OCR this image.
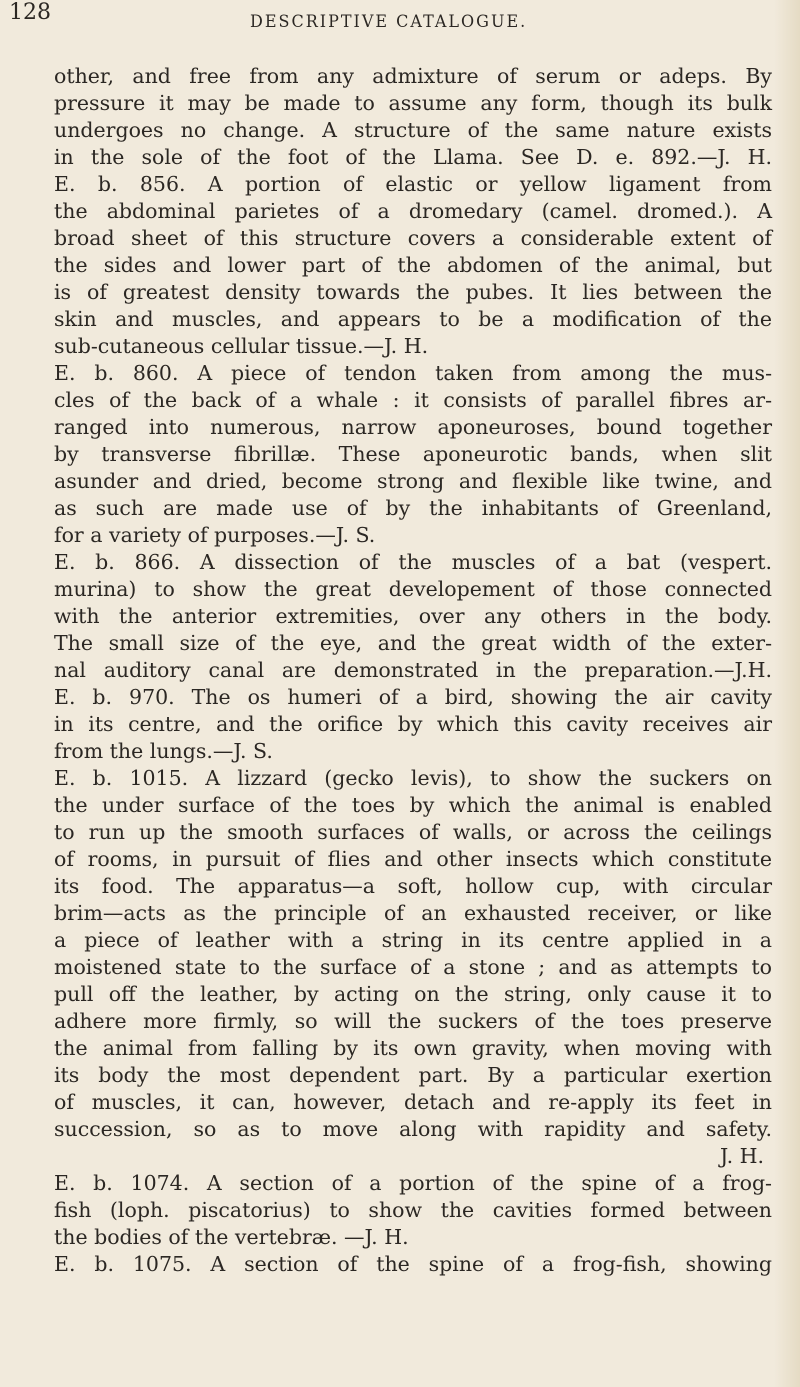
128	DESCRIPTIVE CATALOGUE.
other, and free from any admixture of serum or adeps. By
pressure it may be made to assume any form, though its bulk
undergoes no change. A structure of the same nature exists
in the sole of the foot of the Llama. See D. e. 892.—J. H.
E. b. 856. A portion of elastic or yellow ligament from
the abdominal parietes of a dromedary (camel. dromed.). A
broad sheet of this structure covers a considerable extent of
the sides and lower part of the abdomen of the animal, but
is of greatest density towards the pubes. It lies between the
skin and muscles, and appears to be a modification of the
sub-cutaneous cellular tissue.—J. H.
E. b. 860. A piece of tendon taken from among the mus-
cles of the back of a whale : it consists of parallel fibres ar-
ranged into numerous, narrow aponeuroses, bound together
by transverse fibrillæ. These aponeurotic bands, when slit
asunder and dried, become strong and flexible like twine, and
as such are made use of by the inhabitants of Greenland,
for a variety of purposes.—J. S.
E. b. 866. A dissection of the muscles of a bat (vespert.
murina) to show the great developement of those connected
with the anterior extremities, over any others in the body.
The small size of the eye, and the great width of the exter-
nal auditory canal are demonstrated in the preparation.—J.H.
E. b. 970. The os humeri of a bird, showing the air cavity
in its centre, and the orifice by which this cavity receives air
from the lungs.—J. S.
E. b. 1015. A lizzard (gecko levis), to show the suckers on
the under surface of the toes by which the animal is enabled
to run up the smooth surfaces of walls, or across the ceilings
of rooms, in pursuit of flies and other insects which constitute
its food. The apparatus—a soft, hollow cup, with circular
brim—acts as the principle of an exhausted receiver, or like
a piece of leather with a string in its centre applied in a
moistened state to the surface of a stone ; and as attempts to
pull off the leather, by acting on the string, only cause it to
adhere more firmly, so will the suckers of the toes preserve
the animal from falling by its own gravity, when moving with
its body the most dependent part. By a particular exertion
of muscles, it can, however, detach and re-apply its feet in
succession, so as to move along with rapidity and safety.
J. H.
E. b. 1074. A section of a portion of the spine of a frog-
fish (loph. piscatorius) to show the cavities formed between
the bodies of the vertebræ. —J. H.
E. b. 1075. A section of the spine of a frog-fish, showing
